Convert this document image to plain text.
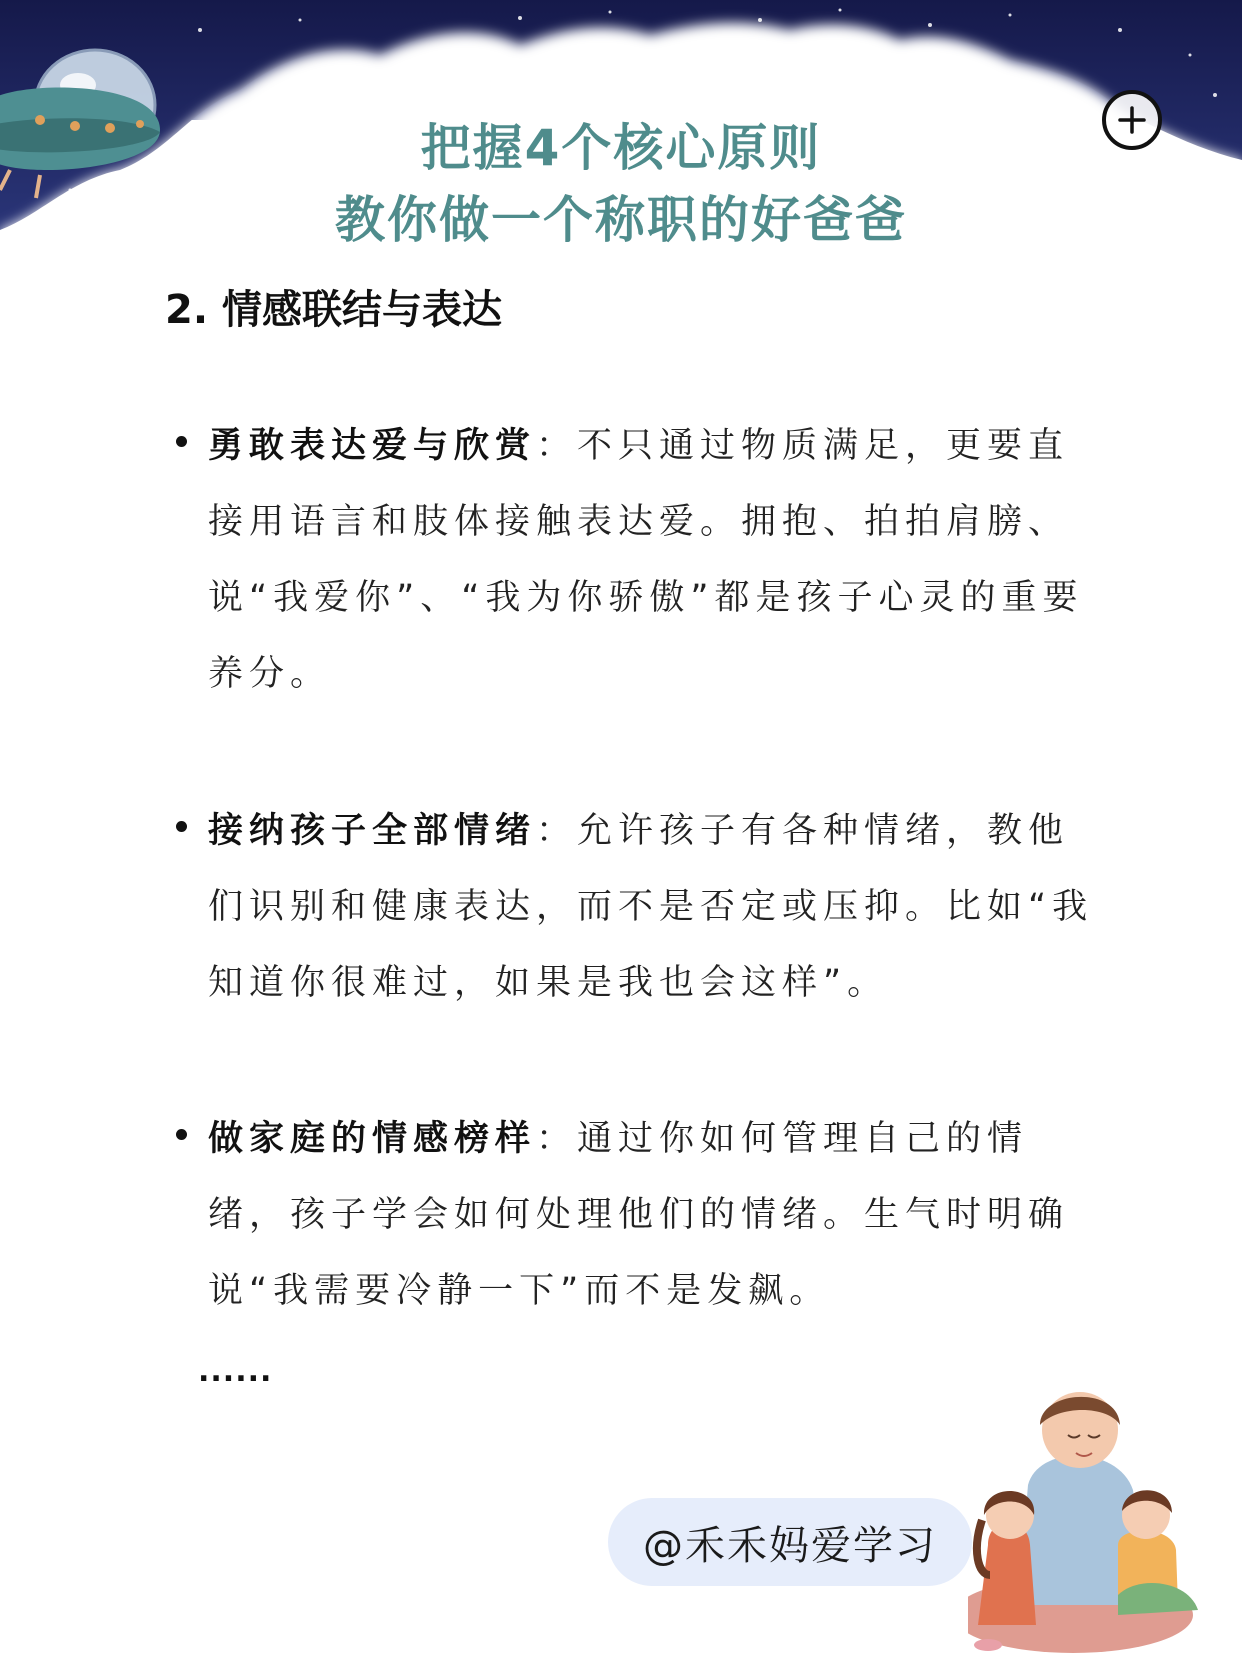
把握4个核心原则
教你做一个称职的好爸爸
2. 情感联结与表达
勇敢表达爱与欣赏：不只通过物质满足，更要直接用语言和肢体接触表达爱。拥抱、拍拍肩膀、说“我爱你”、“我为你骄傲”都是孩子心灵的重要养分。
接纳孩子全部情绪：允许孩子有各种情绪，教他们识别和健康表达，而不是否定或压抑。比如“我知道你很难过，如果是我也会这样”。
做家庭的情感榜样：通过你如何管理自己的情绪，孩子学会如何处理他们的情绪。生气时明确说“我需要冷静一下”而不是发飙。
......
@禾禾妈爱学习
